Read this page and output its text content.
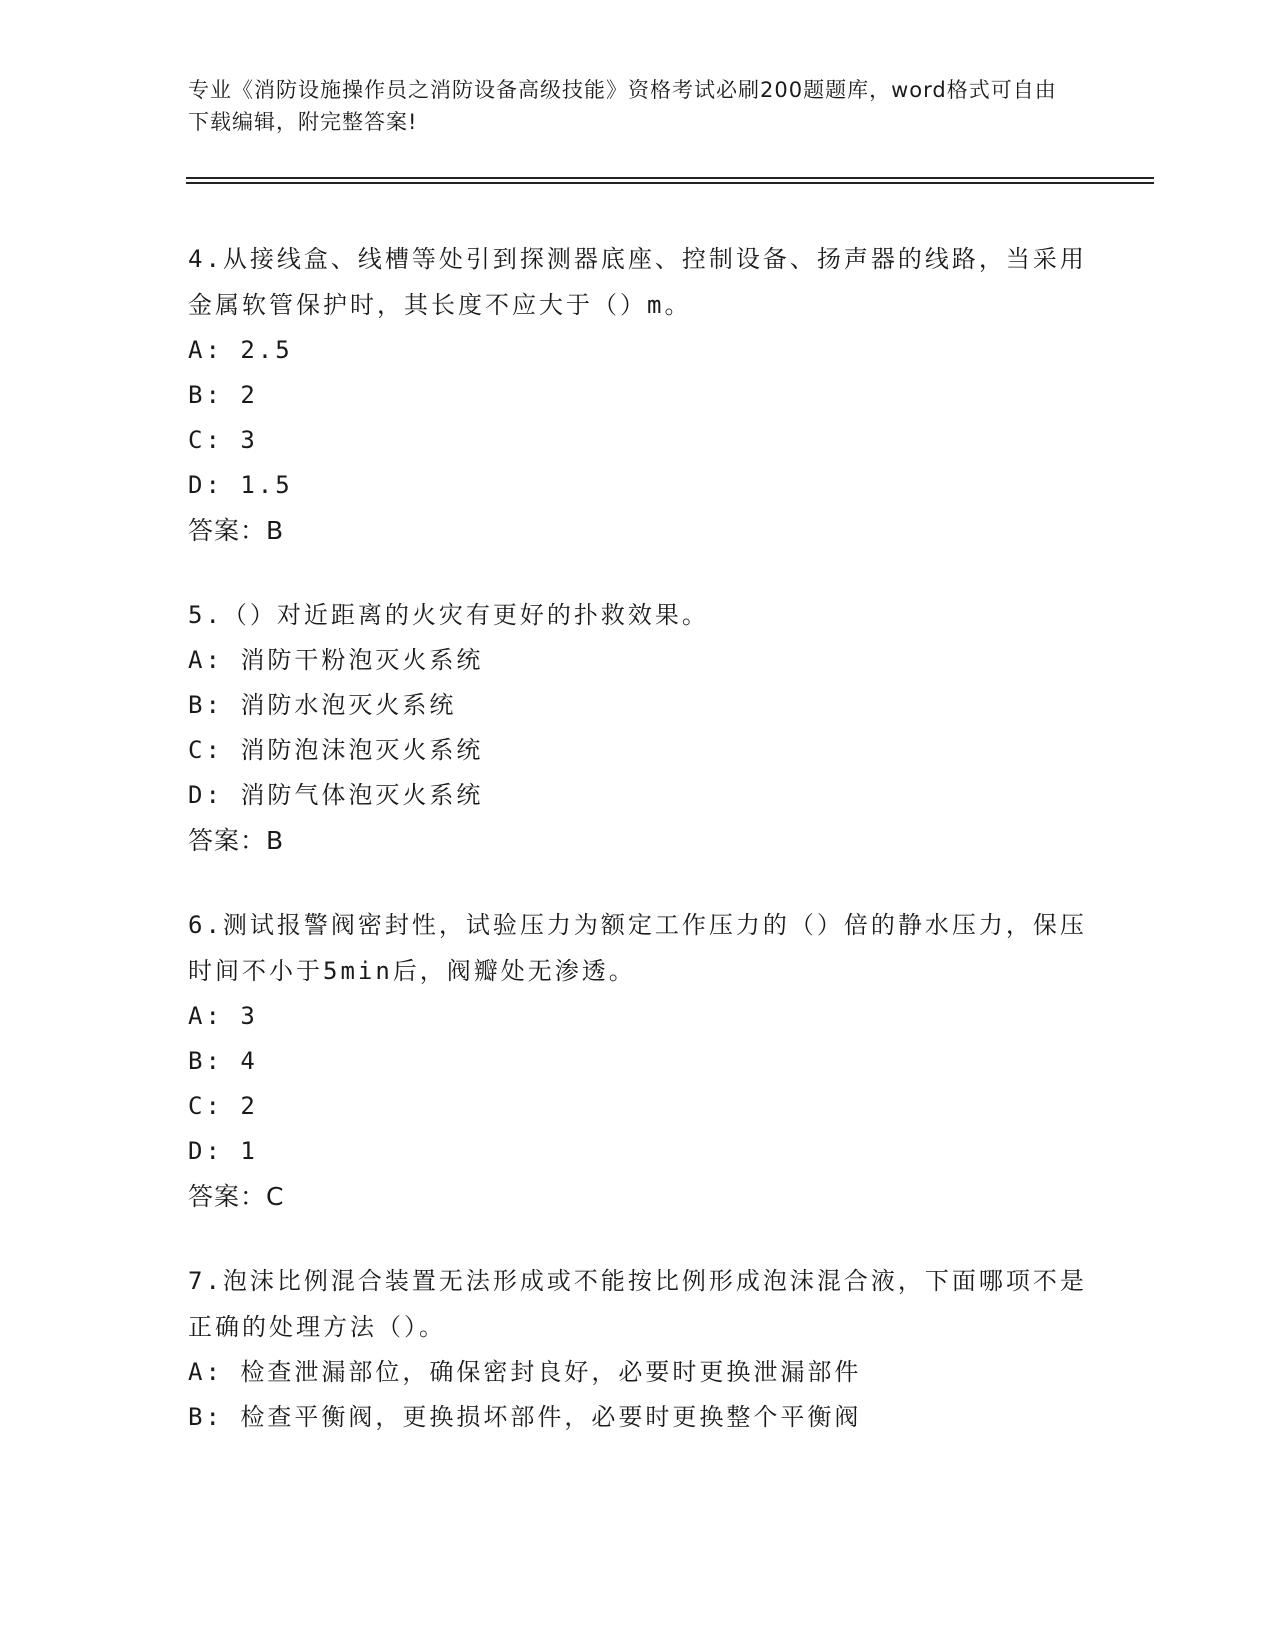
专业《消防设施操作员之消防设备高级技能》资格考试必刷200题题库，word格式可自由下载编辑，附完整答案!
4.从接线盒、线槽等处引到探测器底座、控制设备、扬声器的线路，当采用金属软管保护时，其长度不应大于（）m。
A: 2.5
B: 2
C: 3
D: 1.5
答案：B
5.（）对近距离的火灾有更好的扑救效果。
A: 消防干粉泡灭火系统
B: 消防水泡灭火系统
C: 消防泡沫泡灭火系统
D: 消防气体泡灭火系统
答案：B
6.测试报警阀密封性，试验压力为额定工作压力的（）倍的静水压力，保压时间不小于5min后，阀瓣处无渗透。
A: 3
B: 4
C: 2
D: 1
答案：C
7.泡沫比例混合装置无法形成或不能按比例形成泡沫混合液，下面哪项不是正确的处理方法（）。
A: 检查泄漏部位，确保密封良好，必要时更换泄漏部件
B: 检查平衡阀，更换损坏部件，必要时更换整个平衡阀
